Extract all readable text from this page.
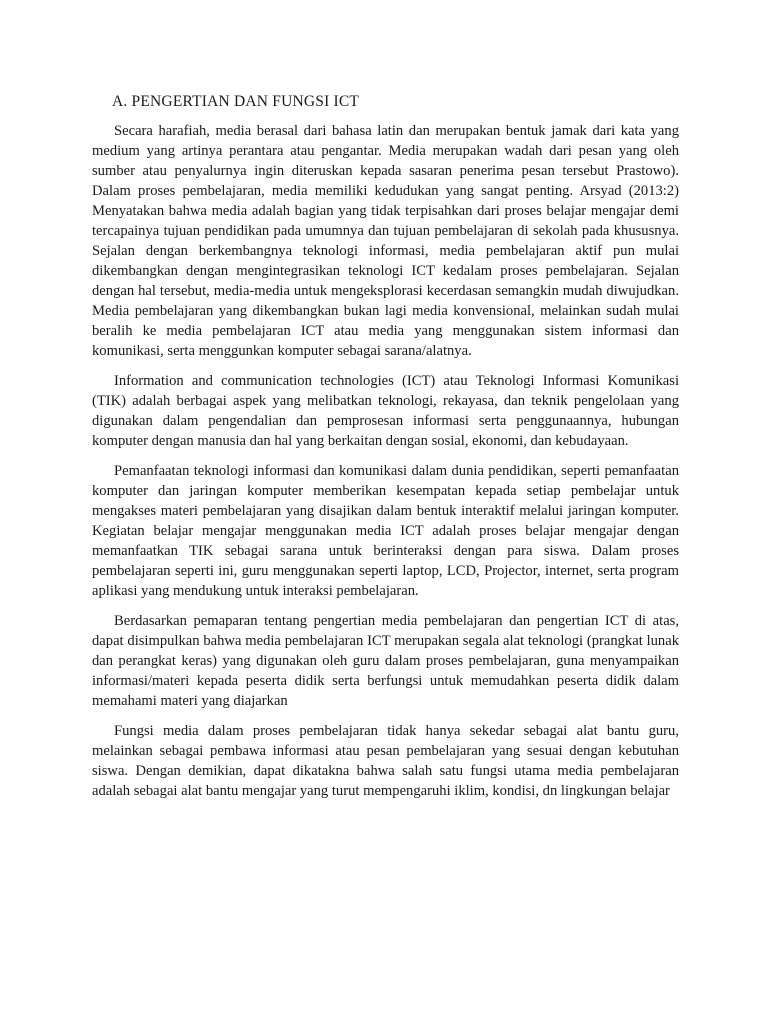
A. PENGERTIAN DAN FUNGSI ICT

Secara harafiah, media berasal dari bahasa latin dan merupakan bentuk jamak dari kata yang medium yang artinya perantara atau pengantar. Media merupakan wadah dari pesan yang oleh sumber atau penyalurnya ingin diteruskan kepada sasaran penerima pesan tersebut Prastowo). Dalam proses pembelajaran, media memiliki kedudukan yang sangat penting. Arsyad (2013:2) Menyatakan bahwa media adalah bagian yang tidak terpisahkan dari proses belajar mengajar demi tercapainya tujuan pendidikan pada umumnya dan tujuan pembelajaran di sekolah pada khususnya. Sejalan dengan berkembangnya teknologi informasi, media pembelajaran aktif pun mulai dikembangkan dengan mengintegrasikan teknologi ICT kedalam proses pembelajaran. Sejalan dengan hal tersebut, media-media untuk mengeksplorasi kecerdasan semangkin mudah diwujudkan. Media pembelajaran yang dikembangkan bukan lagi media konvensional, melainkan sudah mulai beralih ke media pembelajaran ICT atau media yang menggunakan sistem informasi dan komunikasi, serta menggunkan komputer sebagai sarana/alatnya.

Information and communication technologies (ICT) atau Teknologi Informasi Komunikasi (TIK) adalah berbagai aspek yang melibatkan teknologi, rekayasa, dan teknik pengelolaan yang digunakan dalam pengendalian dan pemprosesan informasi serta penggunaannya, hubungan komputer dengan manusia dan hal yang berkaitan dengan sosial, ekonomi, dan kebudayaan.

Pemanfaatan teknologi informasi dan komunikasi dalam dunia pendidikan, seperti pemanfaatan komputer dan jaringan komputer memberikan kesempatan kepada setiap pembelajar untuk mengakses materi pembelajaran yang disajikan dalam bentuk interaktif melalui jaringan komputer. Kegiatan belajar mengajar menggunakan media ICT adalah proses belajar mengajar dengan memanfaatkan TIK sebagai sarana untuk berinteraksi dengan para siswa. Dalam proses pembelajaran seperti ini, guru menggunakan seperti laptop, LCD, Projector, internet, serta program aplikasi yang mendukung untuk interaksi pembelajaran.

Berdasarkan pemaparan tentang pengertian media pembelajaran dan pengertian ICT di atas, dapat disimpulkan bahwa media pembelajaran ICT merupakan segala alat teknologi (prangkat lunak dan perangkat keras) yang digunakan oleh guru dalam proses pembelajaran, guna menyampaikan informasi/materi kepada peserta didik serta berfungsi untuk memudahkan peserta didik dalam memahami materi yang diajarkan

Fungsi media dalam proses pembelajaran tidak hanya sekedar sebagai alat bantu guru, melainkan sebagai pembawa informasi atau pesan pembelajaran yang sesuai dengan kebutuhan siswa. Dengan demikian, dapat dikatakna bahwa salah satu fungsi utama media pembelajaran adalah sebagai alat bantu mengajar yang turut mempengaruhi iklim, kondisi, dn lingkungan belajar
